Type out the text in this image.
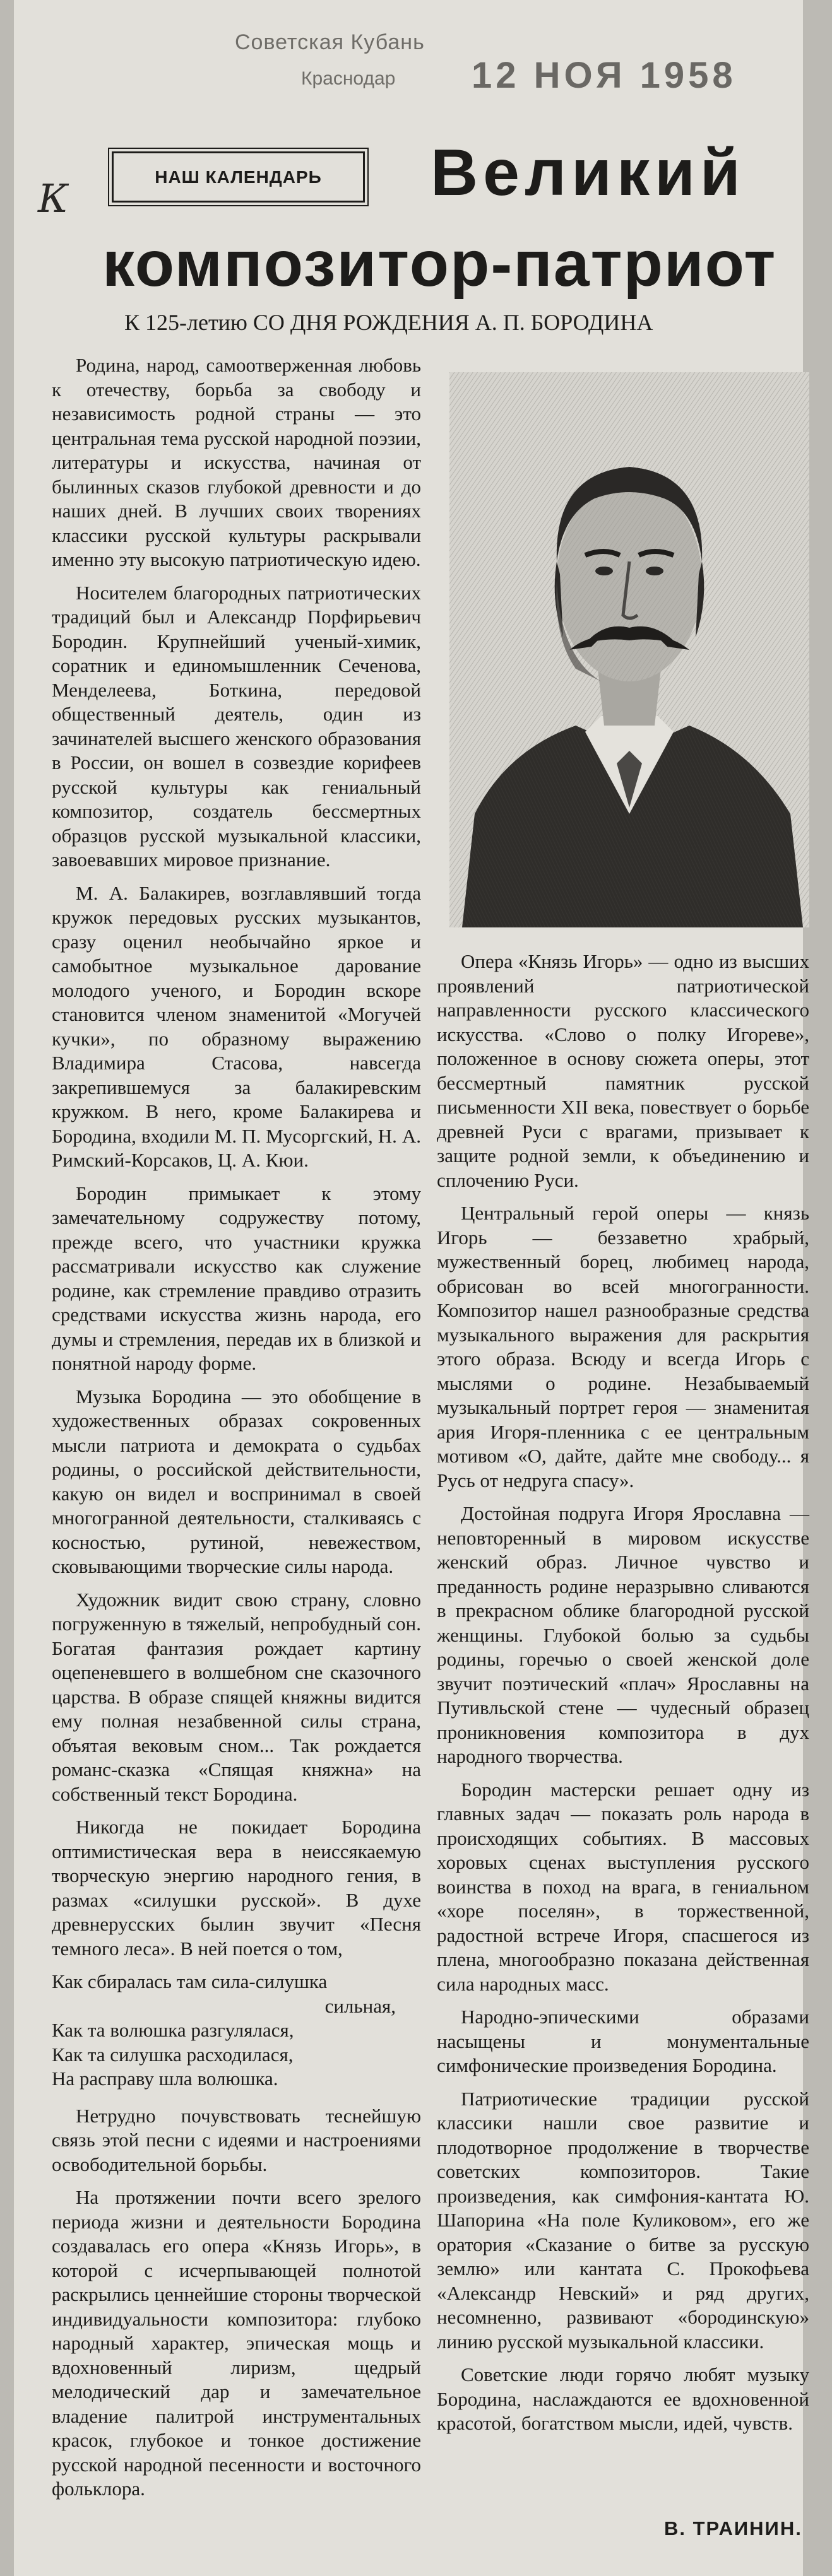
Советская Кубань
Краснодар 12 НОЯ 1958
К	НАШ КАЛЕНДАРЬ Великий
композитор-патриот
К 125-летию СО ДНЯ РОЖДЕНИЯ А. П. БОРОДИНА

Родина, народ, самоотверженная любовь к отечеству, борьба за свободу и независимость родной страны — это центральная тема русской народной поэзии, литературы и искусства, начиная от былинных сказов глубокой древности и до наших дней. В лучших своих творениях классики русской культуры раскрывали именно эту высокую патриотическую идею.

Носителем благородных патриотических традиций был и Александр Порфирьевич Бородин. Крупнейший ученый-химик, соратник и единомышленник Сеченова, Менделеева, Боткина, передовой общественный деятель, один из зачинателей высшего женского образования в России, он вошел в созвездие корифеев русской культуры как гениальный композитор, создатель бессмертных образцов русской музыкальной классики, завоевавших мировое признание.

М. А. Балакирев, возглавлявший тогда кружок передовых русских музыкантов, сразу оценил необычайно яркое и самобытное музыкальное дарование молодого ученого, и Бородин вскоре становится членом знаменитой «Могучей кучки», по образному выражению Владимира Стасова, навсегда закрепившемуся за балакиревским кружком. В него, кроме Балакирева и Бородина, входили М. П. Мусоргский, Н. А. Римский-Корсаков, Ц. А. Кюи.

Бородин примыкает к этому замечательному содружеству потому, прежде всего, что участники кружка рассматривали искусство как служение родине, как стремление правдиво отразить средствами искусства жизнь народа, его думы и стремления, передав их в близкой и понятной народу форме.

Музыка Бородина — это обобщение в художественных образах сокровенных мысли патриота и демократа о судьбах родины, о российской действительности, какую он видел и воспринимал в своей многогранной деятельности, сталкиваясь с косностью, рутиной, невежеством, сковывающими творческие силы народа.

Художник видит свою страну, словно погруженную в тяжелый, непробудный сон. Богатая фантазия рождает картину оцепеневшего в волшебном сне сказочного царства. В образе спящей княжны видится ему полная незабвенной силы страна, объятая вековым сном... Так рождается романс-сказка «Спящая княжна» на собственный текст Бородина.

Никогда не покидает Бородина оптимистическая вера в неиссякаемую творческую энергию народного гения, в размах «силушки русской». В духе древнерусских былин звучит «Песня темного леса». В ней поется о том,

Как сбиралась там сила-силушка
сильная,
Как та волюшка разгулялася,
Как та силушка расходилася,
На расправу шла волюшка.

Нетрудно почувствовать теснейшую связь этой песни с идеями и настроениями освободительной борьбы.

На протяжении почти всего зрелого периода жизни и деятельности Бородина создавалась его опера «Князь Игорь», в которой с исчерпывающей полнотой раскрылись ценнейшие стороны творческой индивидуальности композитора: глубоко народный характер, эпическая мощь и вдохновенный лиризм, щедрый мелодический дар и замечательное владение палитрой инструментальных красок, глубокое и тонкое достижение русской народной песенности и восточного фольклора.

Опера «Князь Игорь» — одно из высших проявлений патриотической направленности русского классического искусства. «Слово о полку Игореве», положенное в основу сюжета оперы, этот бессмертный памятник русской письменности XII века, повествует о борьбе древней Руси с врагами, призывает к защите родной земли, к объединению и сплочению Руси.

Центральный герой оперы — князь Игорь — беззаветно храбрый, мужественный борец, любимец народа, обрисован во всей многогранности. Композитор нашел разнообразные средства музыкального выражения для раскрытия этого образа. Всюду и всегда Игорь с мыслями о родине. Незабываемый музыкальный портрет героя — знаменитая ария Игоря-пленника с ее центральным мотивом «О, дайте, дайте мне свободу... я Русь от недруга спасу».

Достойная подруга Игоря Ярославна — неповторенный в мировом искусстве женский образ. Личное чувство и преданность родине неразрывно сливаются в прекрасном облике благородной русской женщины. Глубокой болью за судьбы родины, горечью о своей женской доле звучит поэтический «плач» Ярославны на Путивльской стене — чудесный образец проникновения композитора в дух народного творчества.

Бородин мастерски решает одну из главных задач — показать роль народа в происходящих событиях. В массовых хоровых сценах выступления русского воинства в поход на врага, в гениальном «хоре поселян», в торжественной, радостной встрече Игоря, спасшегося из плена, многообразно показана действенная сила народных масс.

Народно-эпическими образами насыщены и монументальные симфонические произведения Бородина.

Патриотические традиции русской классики нашли свое развитие и плодотворное продолжение в творчестве советских композиторов. Такие произведения, как симфония-кантата Ю. Шапорина «На поле Куликовом», его же оратория «Сказание о битве за русскую землю» или кантата С. Прокофьева «Александр Невский» и ряд других, несомненно, развивают «бородинскую» линию русской музыкальной классики.

Советские люди горячо любят музыку Бородина, наслаждаются ее вдохновенной красотой, богатством мысли, идей, чувств.

В. ТРАИНИН.
